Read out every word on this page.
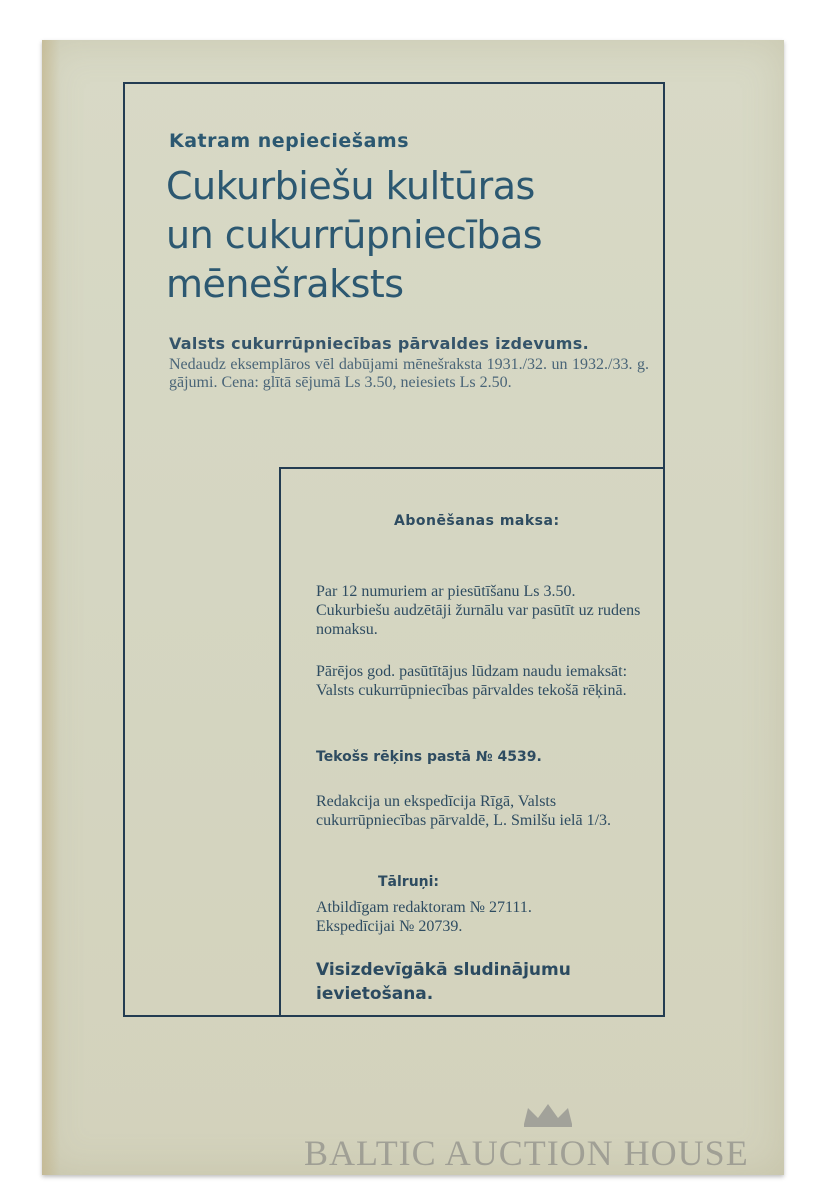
Katram nepieciešams
Cukurbiešu kultūras
un cukurrūpniecības
mēnešraksts
Valsts cukurrūpniecības pārvaldes izdevums.
Nedaudz eksemplāros vēl dabūjami mēnešraksta 1931./32. un 1932./33. g. gājumi. Cena: glītā sējumā Ls 3.50, neiesiets Ls 2.50.
Abonēšanas maksa:
Par 12 numuriem ar piesūtīšanu Ls 3.50. Cukurbiešu audzētāji žurnālu var pasūtīt uz rudens nomaksu.
Pārējos god. pasūtītājus lūdzam naudu iemaksāt: Valsts cukurrūpniecības pārvaldes tekošā rēķinā.
Tekošs rēķins pastā № 4539.
Redakcija un ekspedīcija Rīgā, Valsts cukurrūpniecības pārvaldē, L. Smilšu ielā 1/3.
Tālruņi:
Atbildīgam redaktoram № 27111.
Ekspedīcijai № 20739.
Visizdevīgākā sludinājumu
ievietošana.
BALTIC AUCTION HOUSE
